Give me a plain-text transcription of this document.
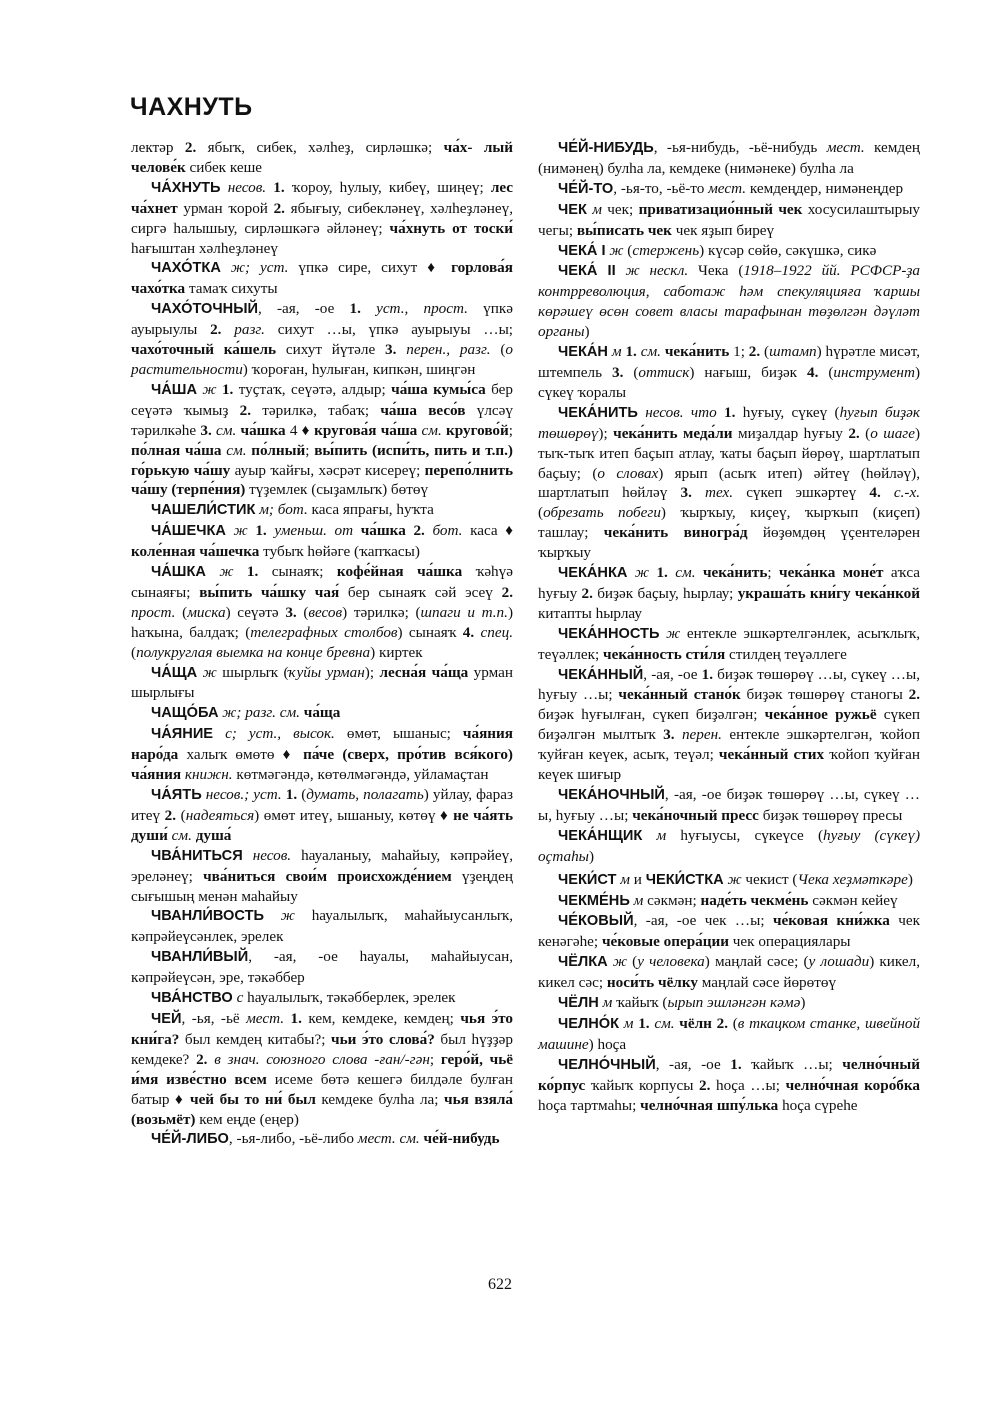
ЧАХНУТЬ

лектәр 2. ябыҡ, сибек, хәлһеҙ, сирләшкә; ча́х- лый челове́к сибек кеше

ЧА́ХНУТЬ несов. 1. ҡороу, һулыу, кибеү, шиңеү; лес ча́хнет урман ҡорой 2. ябығыу, сибекләнеү, хәлһеҙләнеү, сиргә һалышыу, сирләшкәгә әйләнеү; ча́хнуть от тоски́ һағыштан хәлһеҙләнеү

ЧАХО́ТКА ж; уст. үпкә сире, сихут ♦ горлова́я чахо́тка тамаҡ сихуты

ЧАХО́ТОЧНЫЙ, -ая, -ое 1. уст., прост. үпкә ауырыулы 2. разг. сихут …ы, үпкә ауырыуы …ы; чахо́точный ка́шель сихут йүтәле 3. перен., разг. (о растительности) ҡороған, һулыған, кипкән, шиңгән

ЧА́ША ж 1. туҫтаҡ, сеүәтә, алдыр; ча́ша кумы́са бер сеүәтә ҡымыҙ 2. тәрилкә, табаҡ; ча́ша весо́в үлсәү тәрилкәһе 3. см. ча́шка 4 ♦ кругова́я ча́ша см. кругово́й; по́лная ча́ша см. по́лный; вы́пить (испи́ть, пить и т.п.) го́рькую ча́шу ауыр ҡайғы, хәсрәт кисереү; перепо́лнить ча́шу (терпе́ния) түҙемлек (сыҙамлыҡ) бөтөү

ЧАШЕЛИ́СТИК м; бот. каса япрағы, һуҡта

ЧА́ШЕЧКА ж 1. уменьш. от ча́шка 2. бот. каса ♦ коле́нная ча́шечка тубыҡ һөйәге (ҡапҡасы)

ЧА́ШКА ж 1. сынаяҡ; кофе́йная ча́шка ҡәһүә сынаяғы; вы́пить ча́шку чая́ бер сынаяҡ сәй эсеү 2. прост. (миска) сеүәтә 3. (весов) тәрилкә; (шпаги и т.п.) һаҡына, балдаҡ; (телеграфных столбов) сынаяҡ 4. спец. (полукруглая выемка на конце бревна) киртек

ЧА́ЩА ж шырлыҡ (ҡуйы урман); лесна́я ча́ща урман шырлығы

ЧАЩО́БА ж; разг. см. ча́ща

ЧА́ЯНИЕ с; уст., высок. өмөт, ышаныс; ча́яния наро́да халыҡ өмөтө ♦ па́че (сверх, про́тив вся́кого) ча́яния книжн. көтмәгәндә, көтөлмәгәндә, уйламаҫтан

ЧА́ЯТЬ несов.; уст. 1. (думать, полагать) уйлау, фараз итеү 2. (надеяться) өмөт итеү, ышаныу, көтөү ♦ не ча́ять души́ см. душа́

ЧВА́НИТЬСЯ несов. һауаланыу, маһайыу, кәпрәйеү, эреләнеү; чва́ниться свои́м происхожде́нием үҙеңдең сығышың менән маһайыу

ЧВАНЛИ́ВОСТЬ ж һауалылыҡ, маһайыусанлыҡ, кәпрәйеүсәнлек, эрелек

ЧВАНЛИ́ВЫЙ, -ая, -ое һауалы, маһайыусан, кәпрәйеүсән, эре, тәкәббер

ЧВА́НСТВО с һауалылыҡ, тәкәбберлек, эрелек

ЧЕЙ, -ья, -ьё мест. 1. кем, кемдеке, кемдең; чья э́то кни́га? был кемдең китабы?; чьи э́то слова́? был һүҙҙәр кемдеке? 2. в знач. союзного слова -ған/-гән; геро́й, чьё и́мя изве́стно всем исеме бөтә кешегә билдәле булған батыр ♦ чей бы то ни́ был кемдеке булһа ла; чья взяла́ (возьмёт) кем еңде (еңер)

ЧЕ́Й-ЛИБО, -ья-либо, -ьё-либо мест. см. че́й-нибудь

ЧЕ́Й-НИБУДЬ, -ья-нибудь, -ьё-нибудь мест. кемдең (нимәнең) булһа ла, кемдеке (нимәнеке) булһа ла

ЧЕ́Й-ТО, -ья-то, -ьё-то мест. кемдеңдер, нимәнеңдер

ЧЕК м чек; приватизацио́нный чек хосусилаштырыу чегы; вы́писать чек чек яҙып биреү

ЧЕКА́ I ж (стержень) күсәр сөйө, сәкүшкә, сикә

ЧЕКА́ II ж нескл. Чека (1918–1922 йй. РСФСР-ҙа контрреволюция, саботаж һәм спекуляцияға ҡаршы көрәшеү өсөн совет власы тарафынан төҙөлгән дәүләт органы)

ЧЕКА́Н м 1. см. чека́нить 1; 2. (штамп) һүрәтле мисәт, штемпель 3. (оттиск) нағыш, биҙәк 4. (инструмент) сүкеү ҡоралы

ЧЕКА́НИТЬ несов. что 1. һуғыу, сүкеү (һуғып биҙәк төшөрөү); чека́нить меда́ли миҙалдар һуғыу 2. (о шаге) тыҡ-тыҡ итеп баҫып атлау, ҡаты баҫып йөрөү, шартлатып баҫыу; (о словах) ярып (асыҡ итеп) әйтеү (һөйләү), шартлатып һөйләү 3. тех. сүкеп эшкәртеү 4. с.-х. (обрезать побеги) ҡырҡыу, киҫеү, ҡырҡып (киҫеп) ташлау; чека́нить виногра́д йөҙөмдөң үҫентеләрен ҡырҡыу

ЧЕКА́НКА ж 1. см. чека́нить; чека́нка моне́т аҡса һуғыу 2. биҙәк баҫыу, һырлау; украша́ть кни́гу чека́нкой китапты һырлау

ЧЕКА́ННОСТЬ ж ентекле эшкәртелгәнлек, асыҡлыҡ, теүәллек; чека́нность сти́ля стилдең теүәллеге

ЧЕКА́ННЫЙ, -ая, -ое 1. биҙәк төшөрөү …ы, сүкеү …ы, һуғыу …ы; чека́нный стано́к биҙәк төшөрөү станогы 2. биҙәк һуғылған, сүкеп биҙәлгән; чека́нное ружьё сүкеп биҙәлгән мылтыҡ 3. перен. ентекле эшкәртелгән, ҡойоп ҡуйған кеүек, асыҡ, теүәл; чека́нный стих ҡойоп ҡуйған кеүек шиғыр

ЧЕКА́НОЧНЫЙ, -ая, -ое биҙәк төшөрөү …ы, сүкеү …ы, һуғыу …ы; чека́ночный пресс биҙәк төшөрөү пресы

ЧЕКА́НЩИК м һуғыусы, сүкеүсе (һуғыу (сүкеү) оҫтаһы)

ЧЕКИ́СТ м и ЧЕКИ́СТКА ж чекист (Чека хеҙмәткәре)

ЧЕКМЕ́НЬ м сәкмән; наде́ть чекме́нь сәкмән кейеү

ЧЕ́КОВЫЙ, -ая, -ое чек …ы; че́ковая кни́жка чек кенәгәһе; че́ковые опера́ции чек операциялары

ЧЁЛКА ж (у человека) маңлай сәсе; (у лошади) кикел, кикел сәс; носи́ть чёлку маңлай сәсе йөрөтөү

ЧЁЛН м ҡайыҡ (ырып эшләнгән кәмә)

ЧЕЛНО́К м 1. см. чёлн 2. (в ткацком станке, швейной машине) һоҫа

ЧЕЛНО́ЧНЫЙ, -ая, -ое 1. ҡайыҡ …ы; челно́чный ко́рпус ҡайыҡ корпусы 2. һоҫа …ы; челно́чная коро́бка һоҫа тартмаһы; челно́чная шпу́лька һоҫа сүреһе

622
